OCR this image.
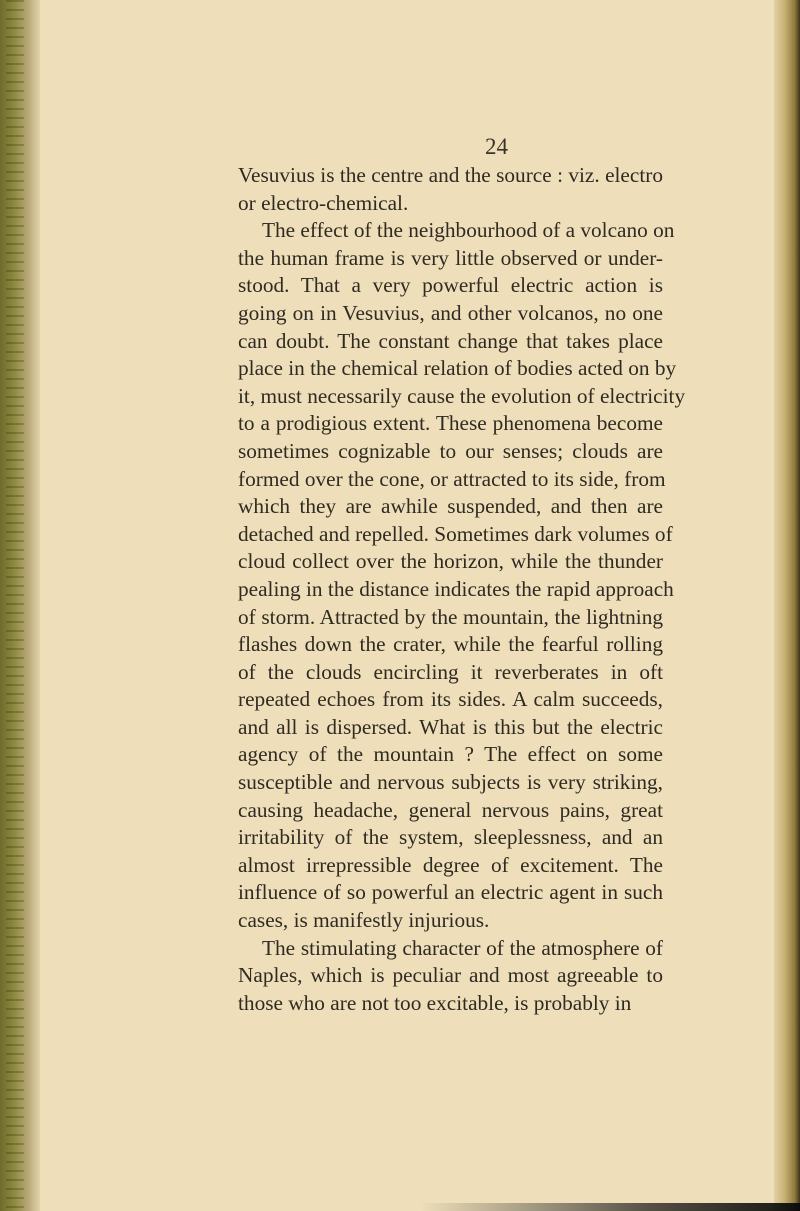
24
Vesuvius is the centre and the source : viz. electro
or electro-chemical.
The effect of the neighbourhood of a volcano on
the human frame is very little observed or under-
stood. That a very powerful electric action is
going on in Vesuvius, and other volcanos, no one
can doubt. The constant change that takes place
place in the chemical relation of bodies acted on by
it, must necessarily cause the evolution of electricity
to a prodigious extent. These phenomena become
sometimes cognizable to our senses; clouds are
formed over the cone, or attracted to its side, from
which they are awhile suspended, and then are
detached and repelled. Sometimes dark volumes of
cloud collect over the horizon, while the thunder
pealing in the distance indicates the rapid approach
of storm. Attracted by the mountain, the lightning
flashes down the crater, while the fearful rolling
of the clouds encircling it reverberates in oft
repeated echoes from its sides. A calm succeeds,
and all is dispersed. What is this but the electric
agency of the mountain ? The effect on some
susceptible and nervous subjects is very striking,
causing headache, general nervous pains, great
irritability of the system, sleeplessness, and an
almost irrepressible degree of excitement. The
influence of so powerful an electric agent in such
cases, is manifestly injurious.
The stimulating character of the atmosphere of
Naples, which is peculiar and most agreeable to
those who are not too excitable, is probably in
